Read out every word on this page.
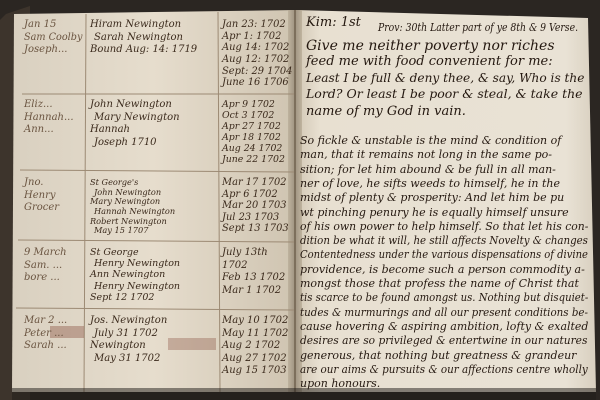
Kim: 1st Prov: 30th Latter part of ye 8th & 9 Verse.
Give me neither poverty nor riches
feed me with food convenient for me:
Least I be full & deny thee, & say, Who is the
Lord? Or least I be poor & steal, & take the
name of my God in vain.
So fickle & unstable is the mind & condition of
man, that it remains not long in the same po-
sition; for let him abound & be full in all man-
ner of love, he sifts weeds to himself, he in the
midst of plenty & prosperity: And let him be pu
wt pinching penury he is equally himself unsure
of his own power to help himself. So that let his con-
dition be what it will, he still affects Novelty & changes
Contentedness under the various dispensations of divine
providence, is become such a person commodity a-
mongst those that profess the name of Christ that
tis scarce to be found amongst us. Nothing but disquiet-
tudes & murmurings and all our present conditions be-
cause hovering & aspiring ambition, lofty & exalted
desires are so privileged & entertwine in our natures
generous, that nothing but greatness & grandeur
are our aims & pursuits & our affections centre wholly
upon honours.
Jan 15
Sam Coolby
Joseph...
Hiram Newington
Sarah Newington
Bound Aug: 14: 1719
Jan 23: 1702
Apr 1: 1702
Aug 14: 1702
Aug 12: 1702
Sept: 29 1704
June 16 1706
Eliz...
Hannah...
Ann...
John Newington
Mary Newington
Hannah
Joseph 1710
Apr 9 1702
Oct 3 1702
Apr 27 1702
Apr 18 1702
Aug 24 1702
June 22 1702
Jno.
Henry
Grocer
St George's
John Newington
Mary Newington
Hannah Newington
Robert Newington
May 15 1707
Mar 17 1702
Apr 6 1702
Mar 20 1703
Jul 23 1703
Sept 13 1703
9 March
Sam. ...
bore ...
St George
Henry Newington
Ann Newington
Henry Newington
Sept 12 1702
July 13th
1702
Feb 13 1702
Mar 1 1702
Mar 2 ...
Peter ...
Sarah ...
Jos. Newington
July 31 1702
Newington
May 31 1702
May 10 1702
May 11 1702
Aug 2 1702
Aug 27 1702
Aug 15 1703
